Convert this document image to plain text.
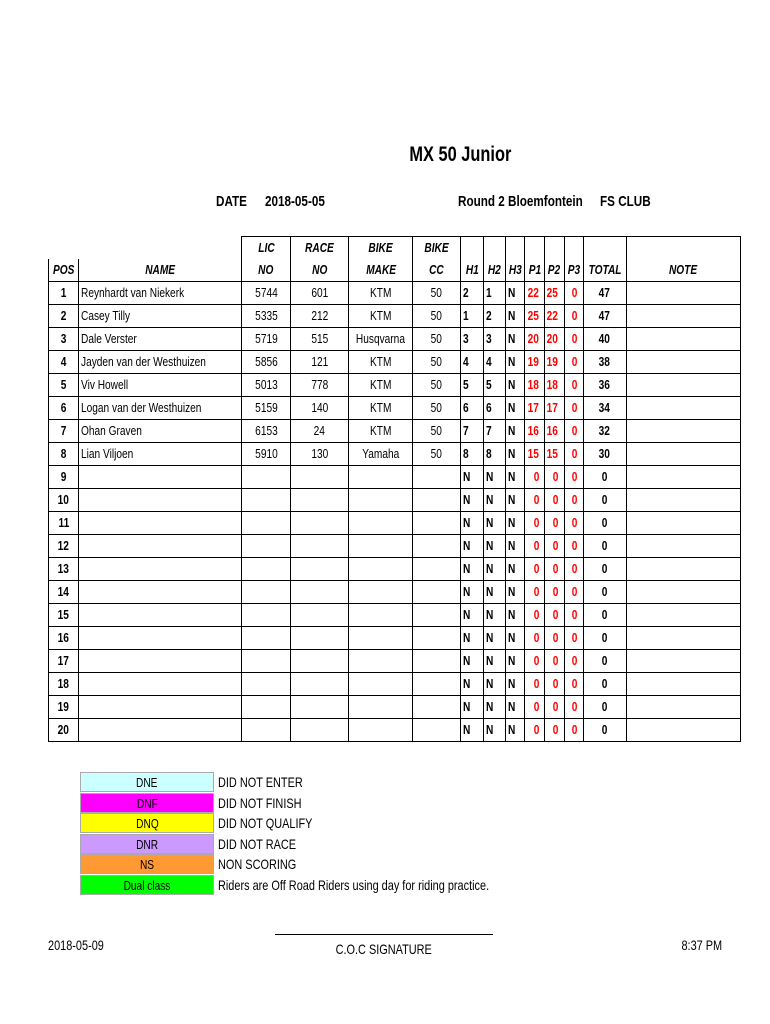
MX 50 Junior
DATE	2018-05-05	Round 2 Bloemfontein	FS CLUB
		LIC	RACE	BIKE	BIKE								
POS	NAME	NO	NO	MAKE	CC	H1	H2	H3	P1	P2	P3	TOTAL	NOTE
1	Reynhardt van Niekerk	5744	601	KTM	50	2	1	N	22	25	0	47	
2	Casey Tilly	5335	212	KTM	50	1	2	N	25	22	0	47	
3	Dale Verster	5719	515	Husqvarna	50	3	3	N	20	20	0	40	
4	Jayden van der Westhuizen	5856	121	KTM	50	4	4	N	19	19	0	38	
5	Viv Howell	5013	778	KTM	50	5	5	N	18	18	0	36	
6	Logan van der Westhuizen	5159	140	KTM	50	6	6	N	17	17	0	34	
7	Ohan Graven	6153	24	KTM	50	7	7	N	16	16	0	32	
8	Lian Viljoen	5910	130	Yamaha	50	8	8	N	15	15	0	30	
9						N	N	N	0	0	0	0	
10						N	N	N	0	0	0	0	
11						N	N	N	0	0	0	0	
12						N	N	N	0	0	0	0	
13						N	N	N	0	0	0	0	
14						N	N	N	0	0	0	0	
15						N	N	N	0	0	0	0	
16						N	N	N	0	0	0	0	
17						N	N	N	0	0	0	0	
18						N	N	N	0	0	0	0	
19						N	N	N	0	0	0	0	
20						N	N	N	0	0	0	0	
DNE	DID NOT ENTER
DNF	DID NOT FINISH
DNQ	DID NOT QUALIFY
DNR	DID NOT RACE
NS	NON SCORING
Dual class	Riders are Off Road Riders using day for riding practice.
2018-05-09	C.O.C SIGNATURE	8:37 PM
